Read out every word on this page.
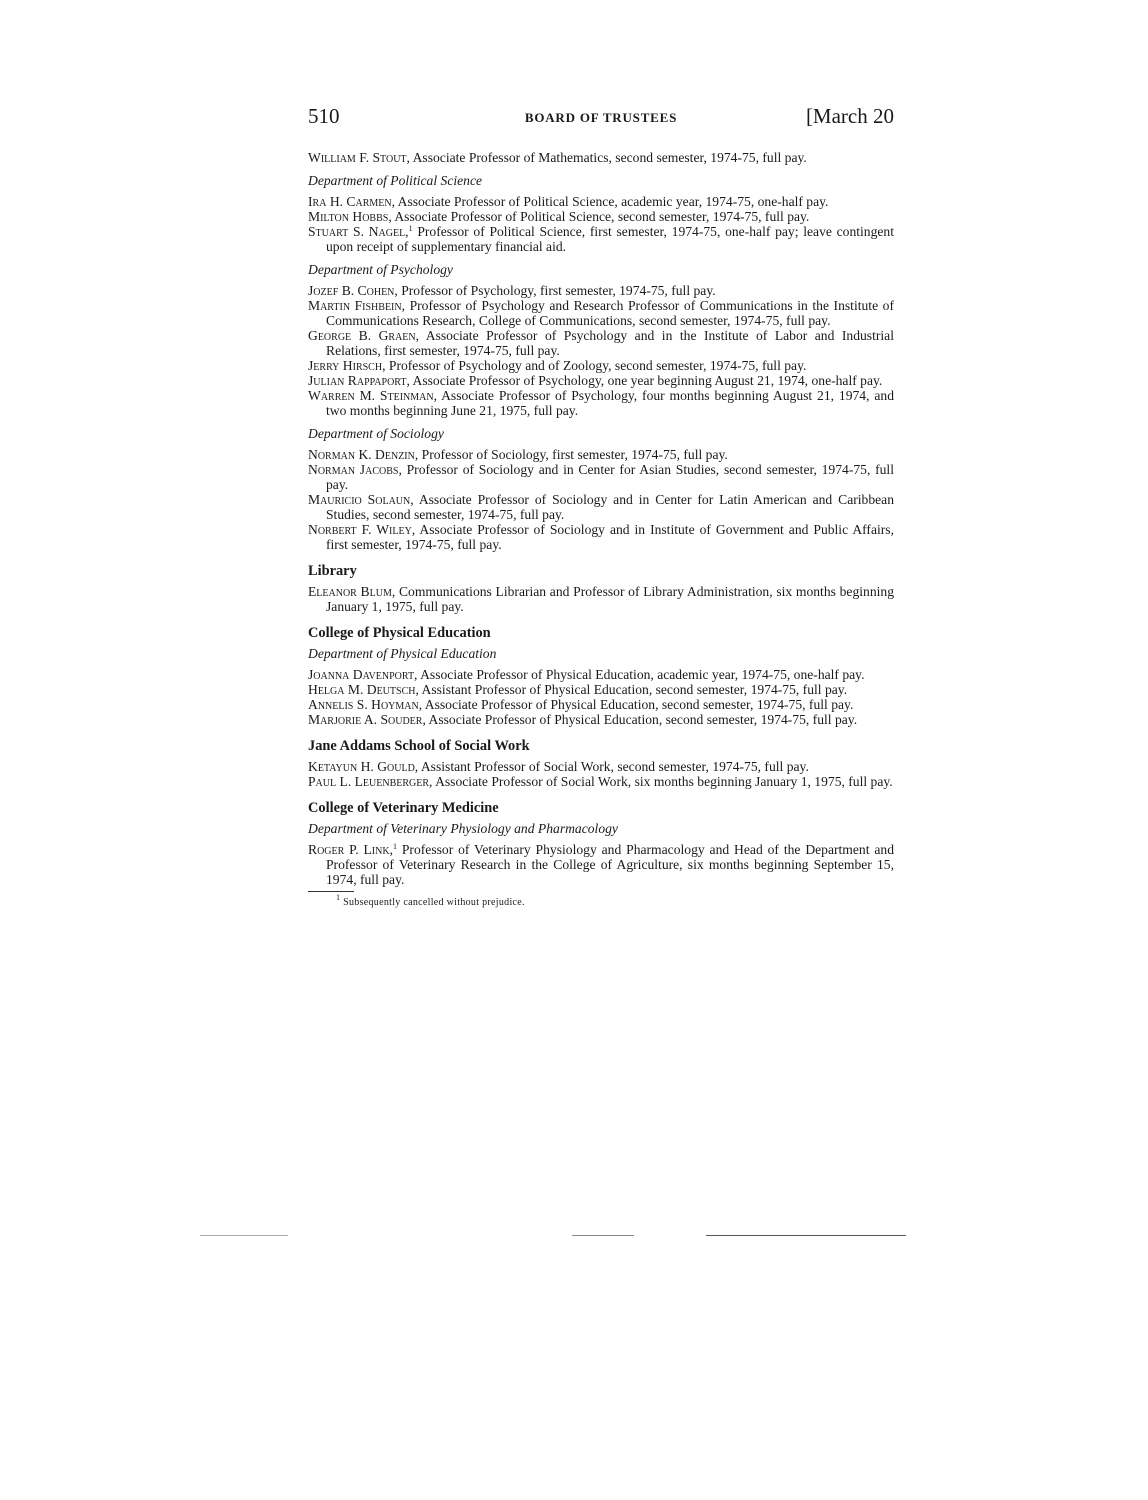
510	BOARD OF TRUSTEES	[March 20

William F. Stout, Associate Professor of Mathematics, second semester, 1974-75, full pay.

Department of Political Science

Ira H. Carmen, Associate Professor of Political Science, academic year, 1974-75, one-half pay.

Milton Hobbs, Associate Professor of Political Science, second semester, 1974-75, full pay.

Stuart S. Nagel,$^1$ Professor of Political Science, first semester, 1974-75, one-half pay; leave contingent upon receipt of supplementary financial aid.

Department of Psychology

Jozef B. Cohen, Professor of Psychology, first semester, 1974-75, full pay.

Martin Fishbein, Professor of Psychology and Research Professor of Communications in the Institute of Communications Research, College of Communications, second semester, 1974-75, full pay.

George B. Graen, Associate Professor of Psychology and in the Institute of Labor and Industrial Relations, first semester, 1974-75, full pay.

Jerry Hirsch, Professor of Psychology and of Zoology, second semester, 1974-75, full pay.

Julian Rappaport, Associate Professor of Psychology, one year beginning August 21, 1974, one-half pay.

Warren M. Steinman, Associate Professor of Psychology, four months beginning August 21, 1974, and two months beginning June 21, 1975, full pay.

Department of Sociology

Norman K. Denzin, Professor of Sociology, first semester, 1974-75, full pay.

Norman Jacobs, Professor of Sociology and in Center for Asian Studies, second semester, 1974-75, full pay.

Mauricio Solaun, Associate Professor of Sociology and in Center for Latin American and Caribbean Studies, second semester, 1974-75, full pay.

Norbert F. Wiley, Associate Professor of Sociology and in Institute of Government and Public Affairs, first semester, 1974-75, full pay.

Library

Eleanor Blum, Communications Librarian and Professor of Library Administration, six months beginning January 1, 1975, full pay.

College of Physical Education
Department of Physical Education

Joanna Davenport, Associate Professor of Physical Education, academic year, 1974-75, one-half pay.

Helga M. Deutsch, Assistant Professor of Physical Education, second semester, 1974-75, full pay.

Annelis S. Hoyman, Associate Professor of Physical Education, second semester, 1974-75, full pay.

Marjorie A. Souder, Associate Professor of Physical Education, second semester, 1974-75, full pay.

Jane Addams School of Social Work

Ketayun H. Gould, Assistant Professor of Social Work, second semester, 1974-75, full pay.

Paul L. Leuenberger, Associate Professor of Social Work, six months beginning January 1, 1975, full pay.

College of Veterinary Medicine
Department of Veterinary Physiology and Pharmacology

Roger P. Link,$^1$ Professor of Veterinary Physiology and Pharmacology and Head of the Department and Professor of Veterinary Research in the College of Agriculture, six months beginning September 15, 1974, full pay.

$^1$ Subsequently cancelled without prejudice.
